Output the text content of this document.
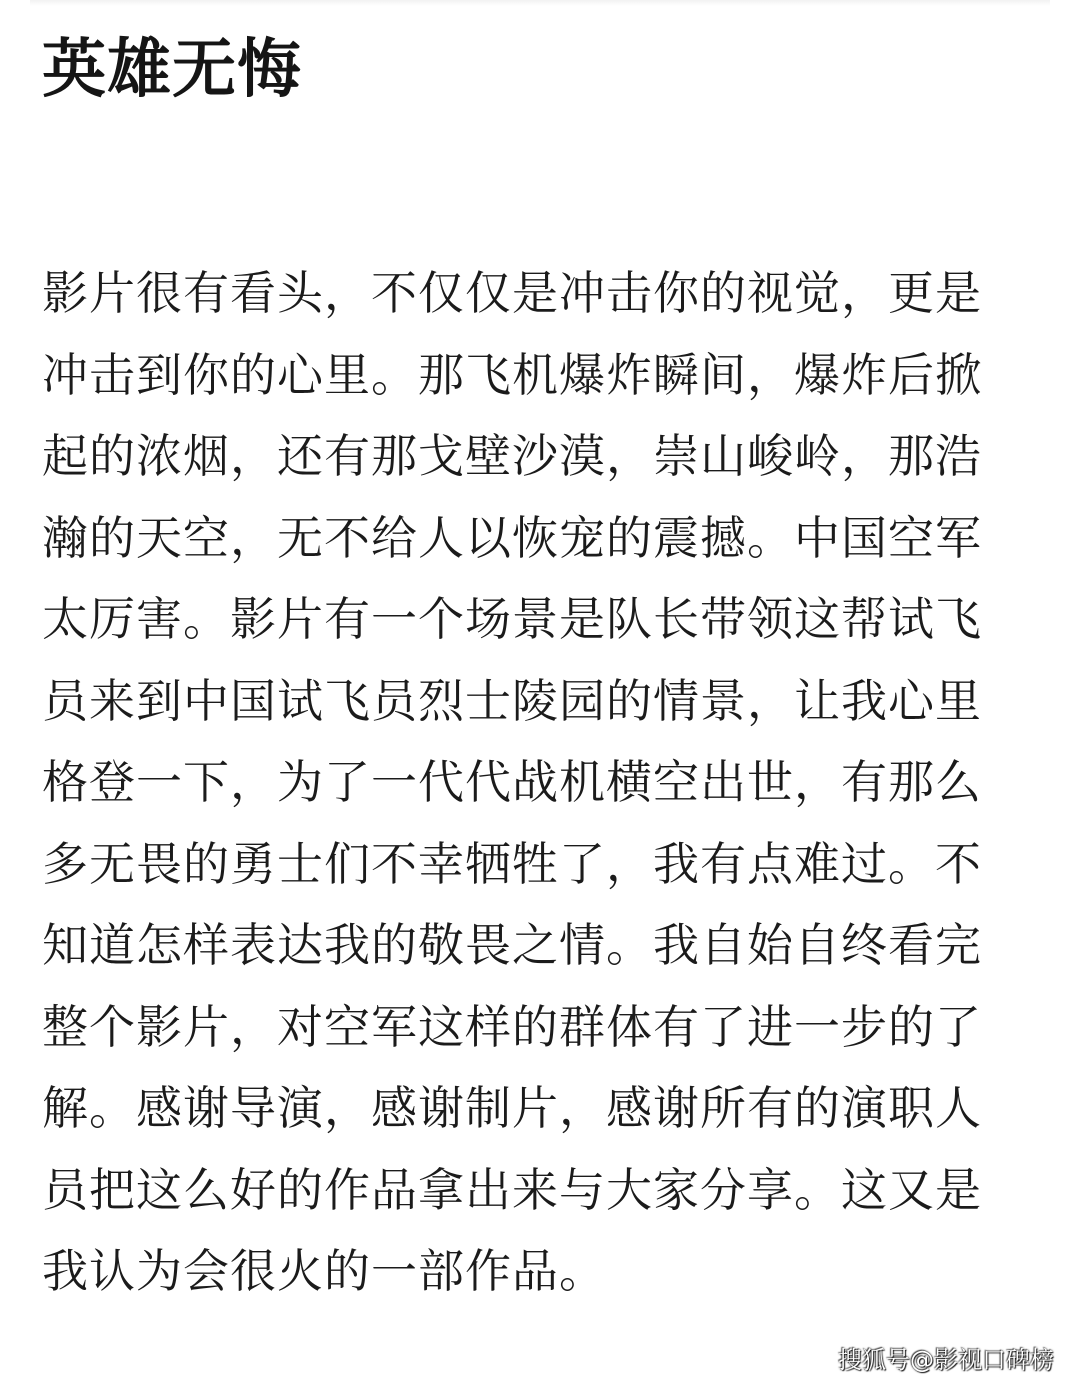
英雄无悔
影片很有看头，不仅仅是冲击你的视觉，更是
冲击到你的心里。那飞机爆炸瞬间，爆炸后掀
起的浓烟，还有那戈壁沙漠，崇山峻岭，那浩
瀚的天空，无不给人以恢宠的震撼。中国空军
太厉害。影片有一个场景是队长带领这帮试飞
员来到中国试飞员烈士陵园的情景，让我心里
格登一下，为了一代代战机横空出世，有那么
多无畏的勇士们不幸牺牲了，我有点难过。不
知道怎样表达我的敬畏之情。我自始自终看完
整个影片，对空军这样的群体有了进一步的了
解。感谢导演，感谢制片，感谢所有的演职人
员把这么好的作品拿出来与大家分享。这又是
我认为会很火的一部作品。
搜狐号@影视口碑榜
